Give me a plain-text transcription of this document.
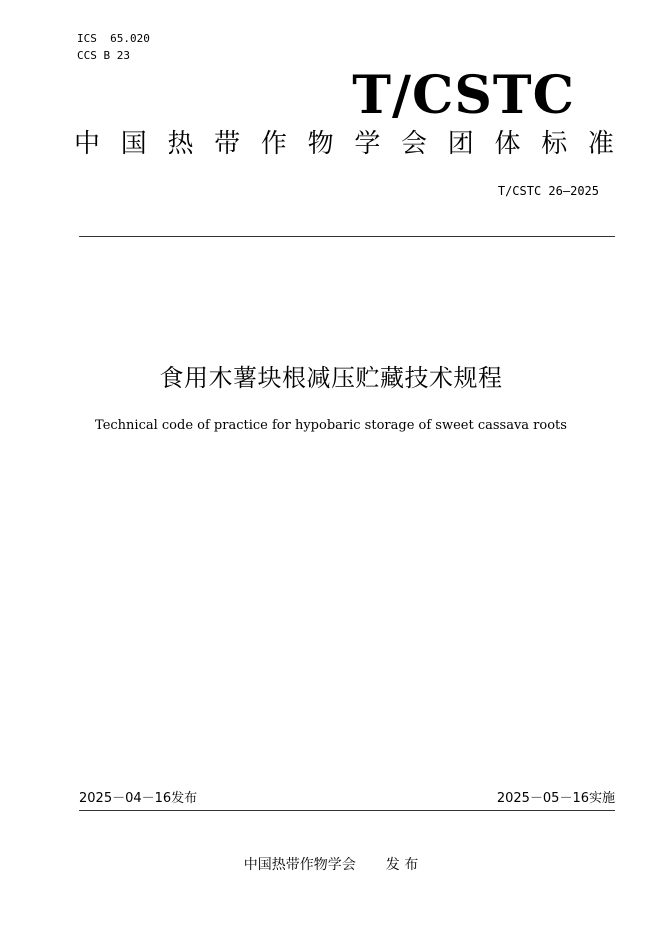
ICS  65.020
CCS B 23
T/CSTC
中 国 热 带 作 物 学 会 团 体 标 准
T/CSTC 26—2025
食用木薯块根减压贮藏技术规程
Technical code of practice for hypobaric storage of sweet cassava roots
2025－04－16发布	2025－05－16实施
中国热带作物学会 发 布
